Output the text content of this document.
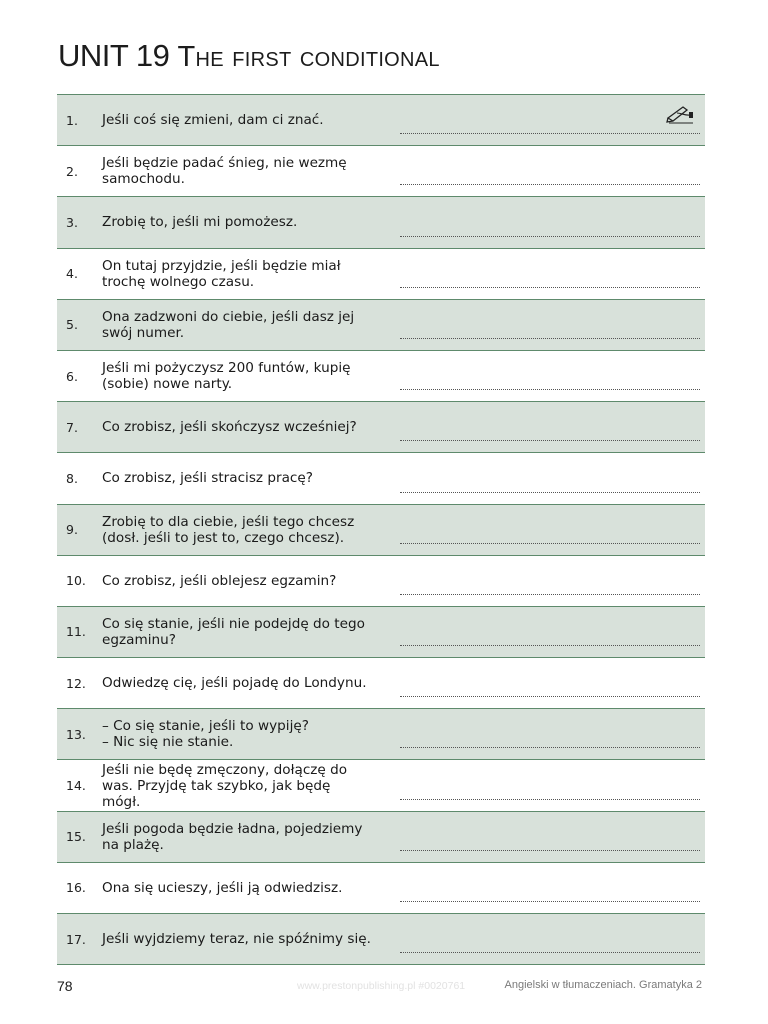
UNIT 19 The first conditional
1. Jeśli coś się zmieni, dam ci znać.
2. Jeśli będzie padać śnieg, nie wezmę
samochodu.
3. Zrobię to, jeśli mi pomożesz.
4. On tutaj przyjdzie, jeśli będzie miał
trochę wolnego czasu.
5. Ona zadzwoni do ciebie, jeśli dasz jej
swój numer.
6. Jeśli mi pożyczysz 200 funtów, kupię
(sobie) nowe narty.
7. Co zrobisz, jeśli skończysz wcześniej?
8. Co zrobisz, jeśli stracisz pracę?
9. Zrobię to dla ciebie, jeśli tego chcesz
(dosł. jeśli to jest to, czego chcesz).
10. Co zrobisz, jeśli oblejesz egzamin?
11. Co się stanie, jeśli nie podejdę do tego
egzaminu?
12. Odwiedzę cię, jeśli pojadę do Londynu.
13. – Co się stanie, jeśli to wypiję?
– Nic się nie stanie.
14.
Jeśli nie będę zmęczony, dołączę do
was. Przyjdę tak szybko, jak będę
mógł.
15. Jeśli pogoda będzie ładna, pojedziemy
na plażę.
16. Ona się ucieszy, jeśli ją odwiedzisz.
17. Jeśli wyjdziemy teraz, nie spóźnimy się.
78	www.prestonpublishing.pl #0020761	Angielski w tłumaczeniach. Gramatyka 2
